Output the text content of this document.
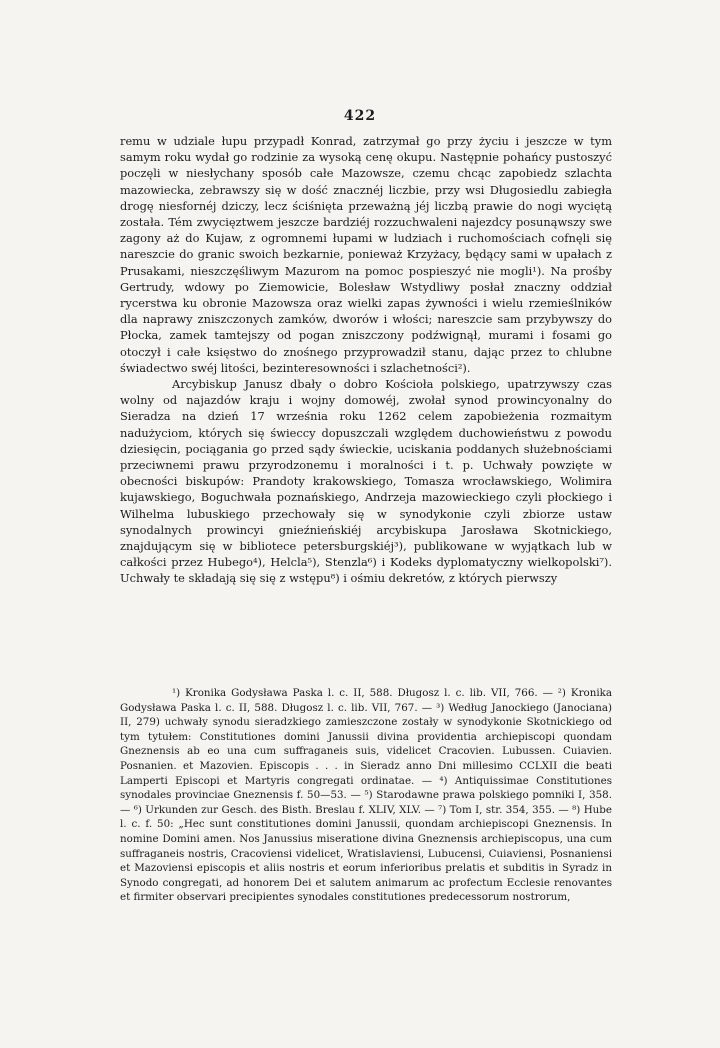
422

remu w udziale łupu przypadł Konrad, zatrzymał go przy życiu i jeszcze w tym samym roku wydał go rodzinie za wysoką cenę okupu. Następnie pohańcy pustoszyć poczęli w niesłychany sposób całe Mazowsze, czemu chcąc zapobiedz szlachta mazowiecka, zebrawszy się w dość znacznéj liczbie, przy wsi Długosiedlu zabiegła drogę niesfornéj dziczy, lecz ściśnięta przeważną jéj liczbą prawie do nogi wyciętą została. Tém zwycięztwem jeszcze bardziéj rozzuchwaleni najezdcy posunąwszy swe zagony aż do Kujaw, z ogromnemi łupami w ludziach i ruchomościach cofnęli się nareszcie do granic swoich bezkarnie, ponieważ Krzyżacy, będący sami w upałach z Prusakami, nieszczęśliwym Mazurom na pomoc pospieszyć nie mogli¹). Na prośby Gertrudy, wdowy po Ziemowicie, Bolesław Wstydliwy posłał znaczny oddział rycerstwa ku obronie Mazowsza oraz wielki zapas żywności i wielu rzemieślników dla naprawy zniszczonych zamków, dworów i włości; nareszcie sam przybywszy do Płocka, zamek tamtejszy od pogan zniszczony podźwignął, murami i fosami go otoczył i całe księstwo do znośnego przyprowadził stanu, dając przez to chlubne świadectwo swéj litości, bezinteresowności i szlachetności²).

Arcybiskup Janusz dbały o dobro Kościoła polskiego, upatrzywszy czas wolny od najazdów kraju i wojny domowéj, zwołał synod prowincyonalny do Sieradza na dzień 17 września roku 1262 celem zapobieżenia rozmaitym nadużyciom, których się świeccy dopuszczali względem duchowieństwu z powodu dziesięcin, pociągania go przed sądy świeckie, uciskania poddanych służebnościami przeciwnemi prawu przyrodzonemu i moralności i t. p. Uchwały powzięte w obecności biskupów: Prandoty krakowskiego, Tomasza wrocławskiego, Wolimira kujawskiego, Boguchwała poznańskiego, Andrzeja mazowieckiego czyli płockiego i Wilhelma lubuskiego przechowały się w synodykonie czyli zbiorze ustaw synodalnych prowincyi gnieźnieńskiéj arcybiskupa Jarosława Skotnickiego, znajdującym się w bibliotece petersburgskiéj³), publikowane w wyjątkach lub w całkości przez Hubego⁴), Helcla⁵), Stenzla⁶) i Kodeks dyplomatyczny wielkopolski⁷). Uchwały te składają się się z wstępu⁸) i ośmiu dekretów, z których pierwszy

¹) Kronika Godysława Paska l. c. II, 588. Długosz l. c. lib. VII, 766. — ²) Kronika Godysława Paska l. c. II, 588. Długosz l. c. lib. VII, 767. — ³) Według Janockiego (Janociana) II, 279) uchwały synodu sieradzkiego zamieszczone zostały w synodykonie Skotnickiego od tym tytułem: Constitutiones domini Janussii divina providentia archiepiscopi quondam Gneznensis ab eo una cum suffraganeis suis, videlicet Cracovien. Lubussen. Cuiavien. Posnanien. et Mazovien. Episcopis . . . in Sieradz anno Dni millesimo CCLXII die beati Lamperti Episcopi et Martyris congregati ordinatae. — ⁴) Antiquissimae Constitutiones synodales provinciae Gneznensis f. 50—53. — ⁵) Starodawne prawa polskiego pomniki I, 358. — ⁶) Urkunden zur Gesch. des Bisth. Breslau f. XLIV, XLV. — ⁷) Tom I, str. 354, 355. — ⁸) Hube l. c. f. 50: „Hec sunt constitutiones domini Janussii, quondam archiepiscopi Gneznensis. In nomine Domini amen. Nos Janussius miseratione divina Gneznensis archiepiscopus, una cum suffraganeis nostris, Cracoviensi videlicet, Wratislaviensi, Lubucensi, Cuiaviensi, Posnaniensi et Mazoviensi episcopis et aliis nostris et eorum inferioribus prelatis et subditis in Syradz in Synodo congregati, ad honorem Dei et salutem animarum ac profectum Ecclesie renovantes et firmiter observari precipientes synodales constitutiones predecessorum nostrorum,
